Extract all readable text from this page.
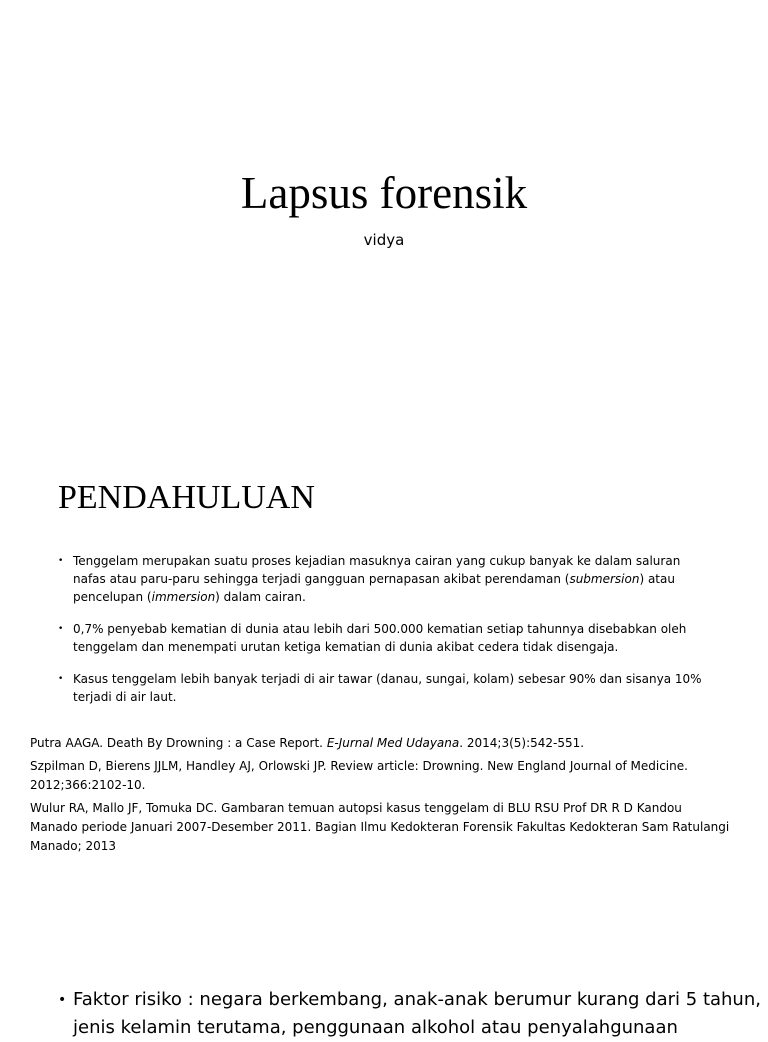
Lapsus forensik
vidya
PENDAHULUAN
• Tenggelam merupakan suatu proses kejadian masuknya cairan yang cukup banyak ke dalam saluran nafas atau paru-paru sehingga terjadi gangguan pernapasan akibat perendaman (submersion) atau pencelupan (immersion) dalam cairan.
• 0,7% penyebab kematian di dunia atau lebih dari 500.000 kematian setiap tahunnya disebabkan oleh tenggelam dan menempati urutan ketiga kematian di dunia akibat cedera tidak disengaja.
• Kasus tenggelam lebih banyak terjadi di air tawar (danau, sungai, kolam) sebesar 90% dan sisanya 10% terjadi di air laut.
Putra AAGA. Death By Drowning : a Case Report. E-Jurnal Med Udayana. 2014;3(5):542-551.
Szpilman D, Bierens JJLM, Handley AJ, Orlowski JP. Review article: Drowning. New England Journal of Medicine. 2012;366:2102-10.
Wulur RA, Mallo JF, Tomuka DC. Gambaran temuan autopsi kasus tenggelam di BLU RSU Prof DR R D Kandou Manado periode Januari 2007-Desember 2011. Bagian Ilmu Kedokteran Forensik Fakultas Kedokteran Sam Ratulangi Manado; 2013
• Faktor risiko : negara berkembang, anak-anak berumur kurang dari 5 tahun, jenis kelamin terutama, penggunaan alkohol atau penyalahgunaan
